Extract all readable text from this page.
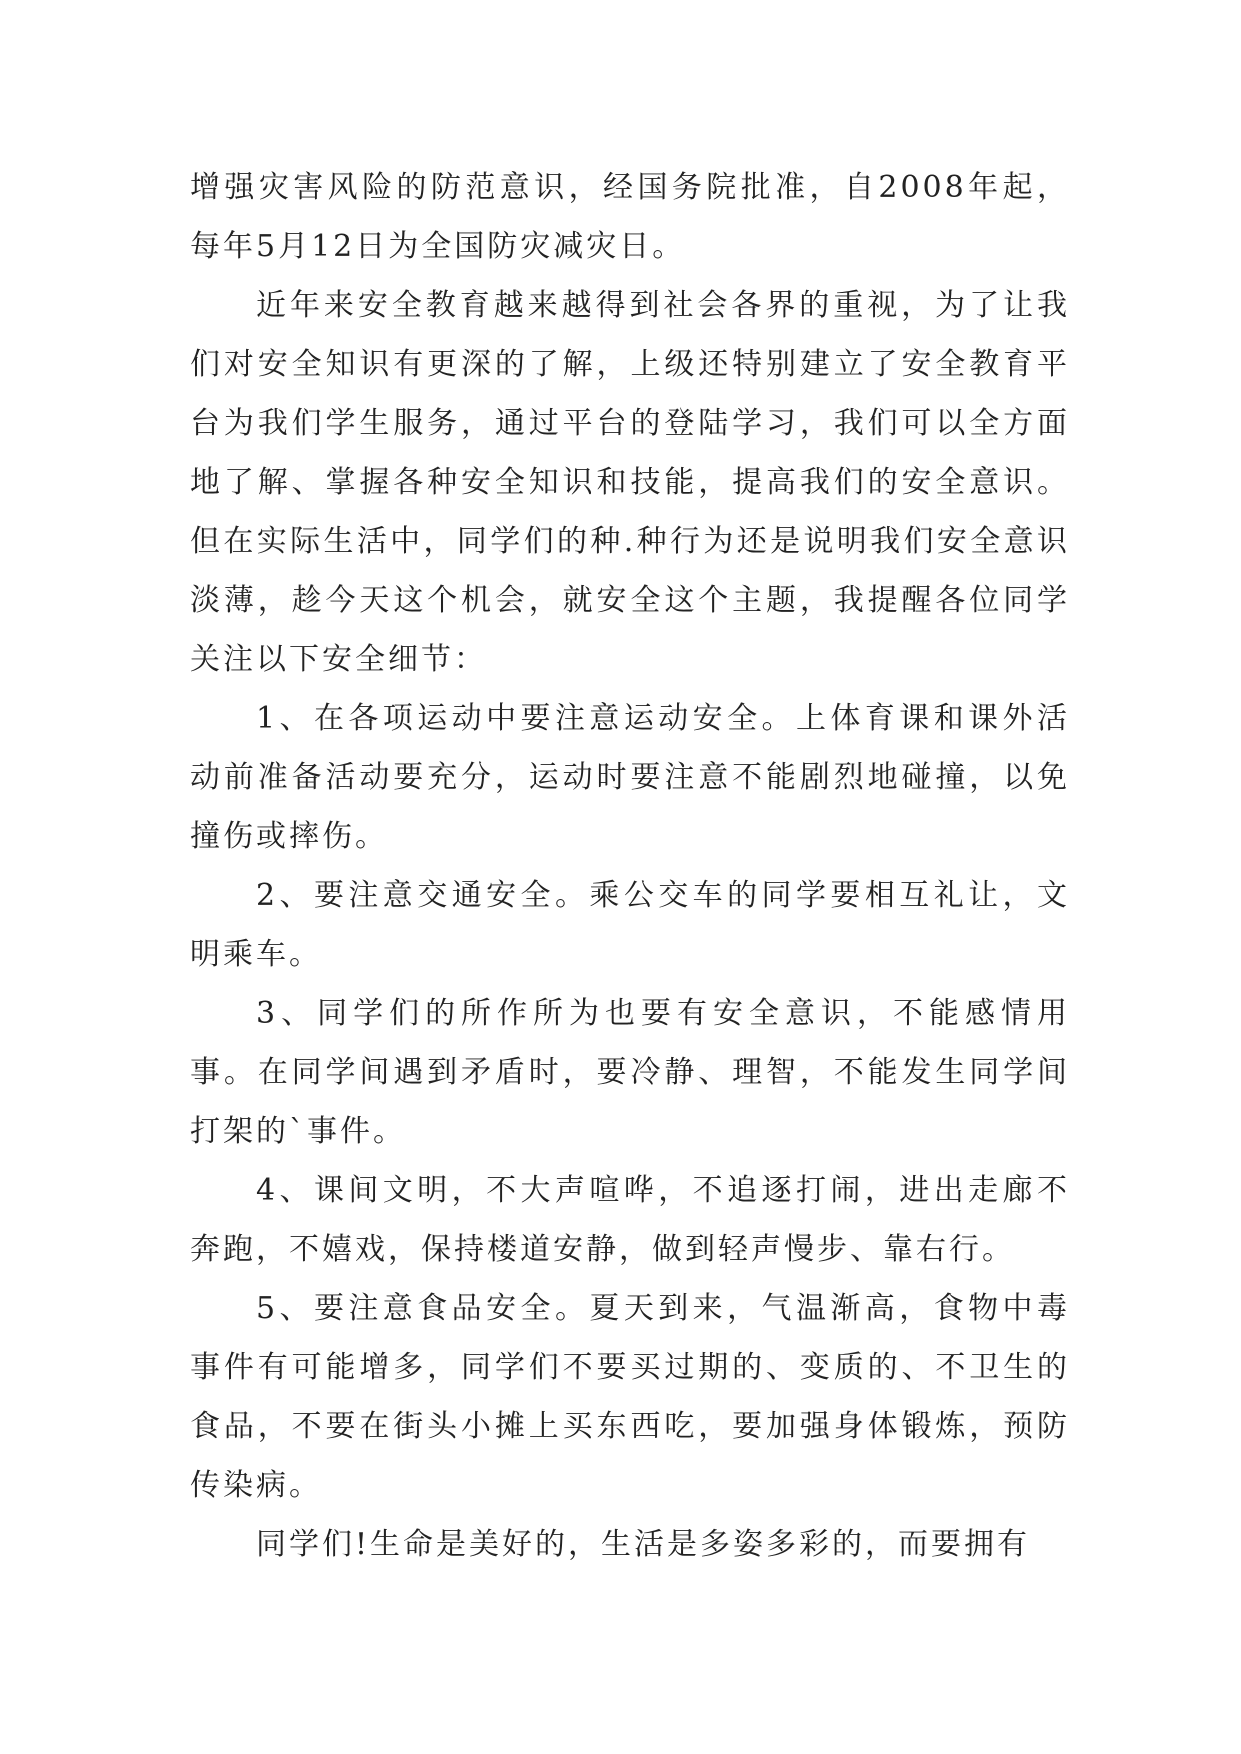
增强灾害风险的防范意识，经国务院批准，自2008年起，每年5月12日为全国防灾减灾日。

近年来安全教育越来越得到社会各界的重视，为了让我们对安全知识有更深的了解，上级还特别建立了安全教育平台为我们学生服务，通过平台的登陆学习，我们可以全方面地了解、掌握各种安全知识和技能，提高我们的安全意识。但在实际生活中，同学们的种.种行为还是说明我们安全意识淡薄，趁今天这个机会，就安全这个主题，我提醒各位同学关注以下安全细节：

1、在各项运动中要注意运动安全。上体育课和课外活动前准备活动要充分，运动时要注意不能剧烈地碰撞，以免撞伤或摔伤。

2、要注意交通安全。乘公交车的同学要相互礼让，文明乘车。

3、同学们的所作所为也要有安全意识，不能感情用事。在同学间遇到矛盾时，要冷静、理智，不能发生同学间打架的`事件。

4、课间文明，不大声喧哗，不追逐打闹，进出走廊不奔跑，不嬉戏，保持楼道安静，做到轻声慢步、靠右行。

5、要注意食品安全。夏天到来，气温渐高，食物中毒事件有可能增多，同学们不要买过期的、变质的、不卫生的食品，不要在街头小摊上买东西吃，要加强身体锻炼，预防传染病。

同学们!生命是美好的，生活是多姿多彩的，而要拥有
